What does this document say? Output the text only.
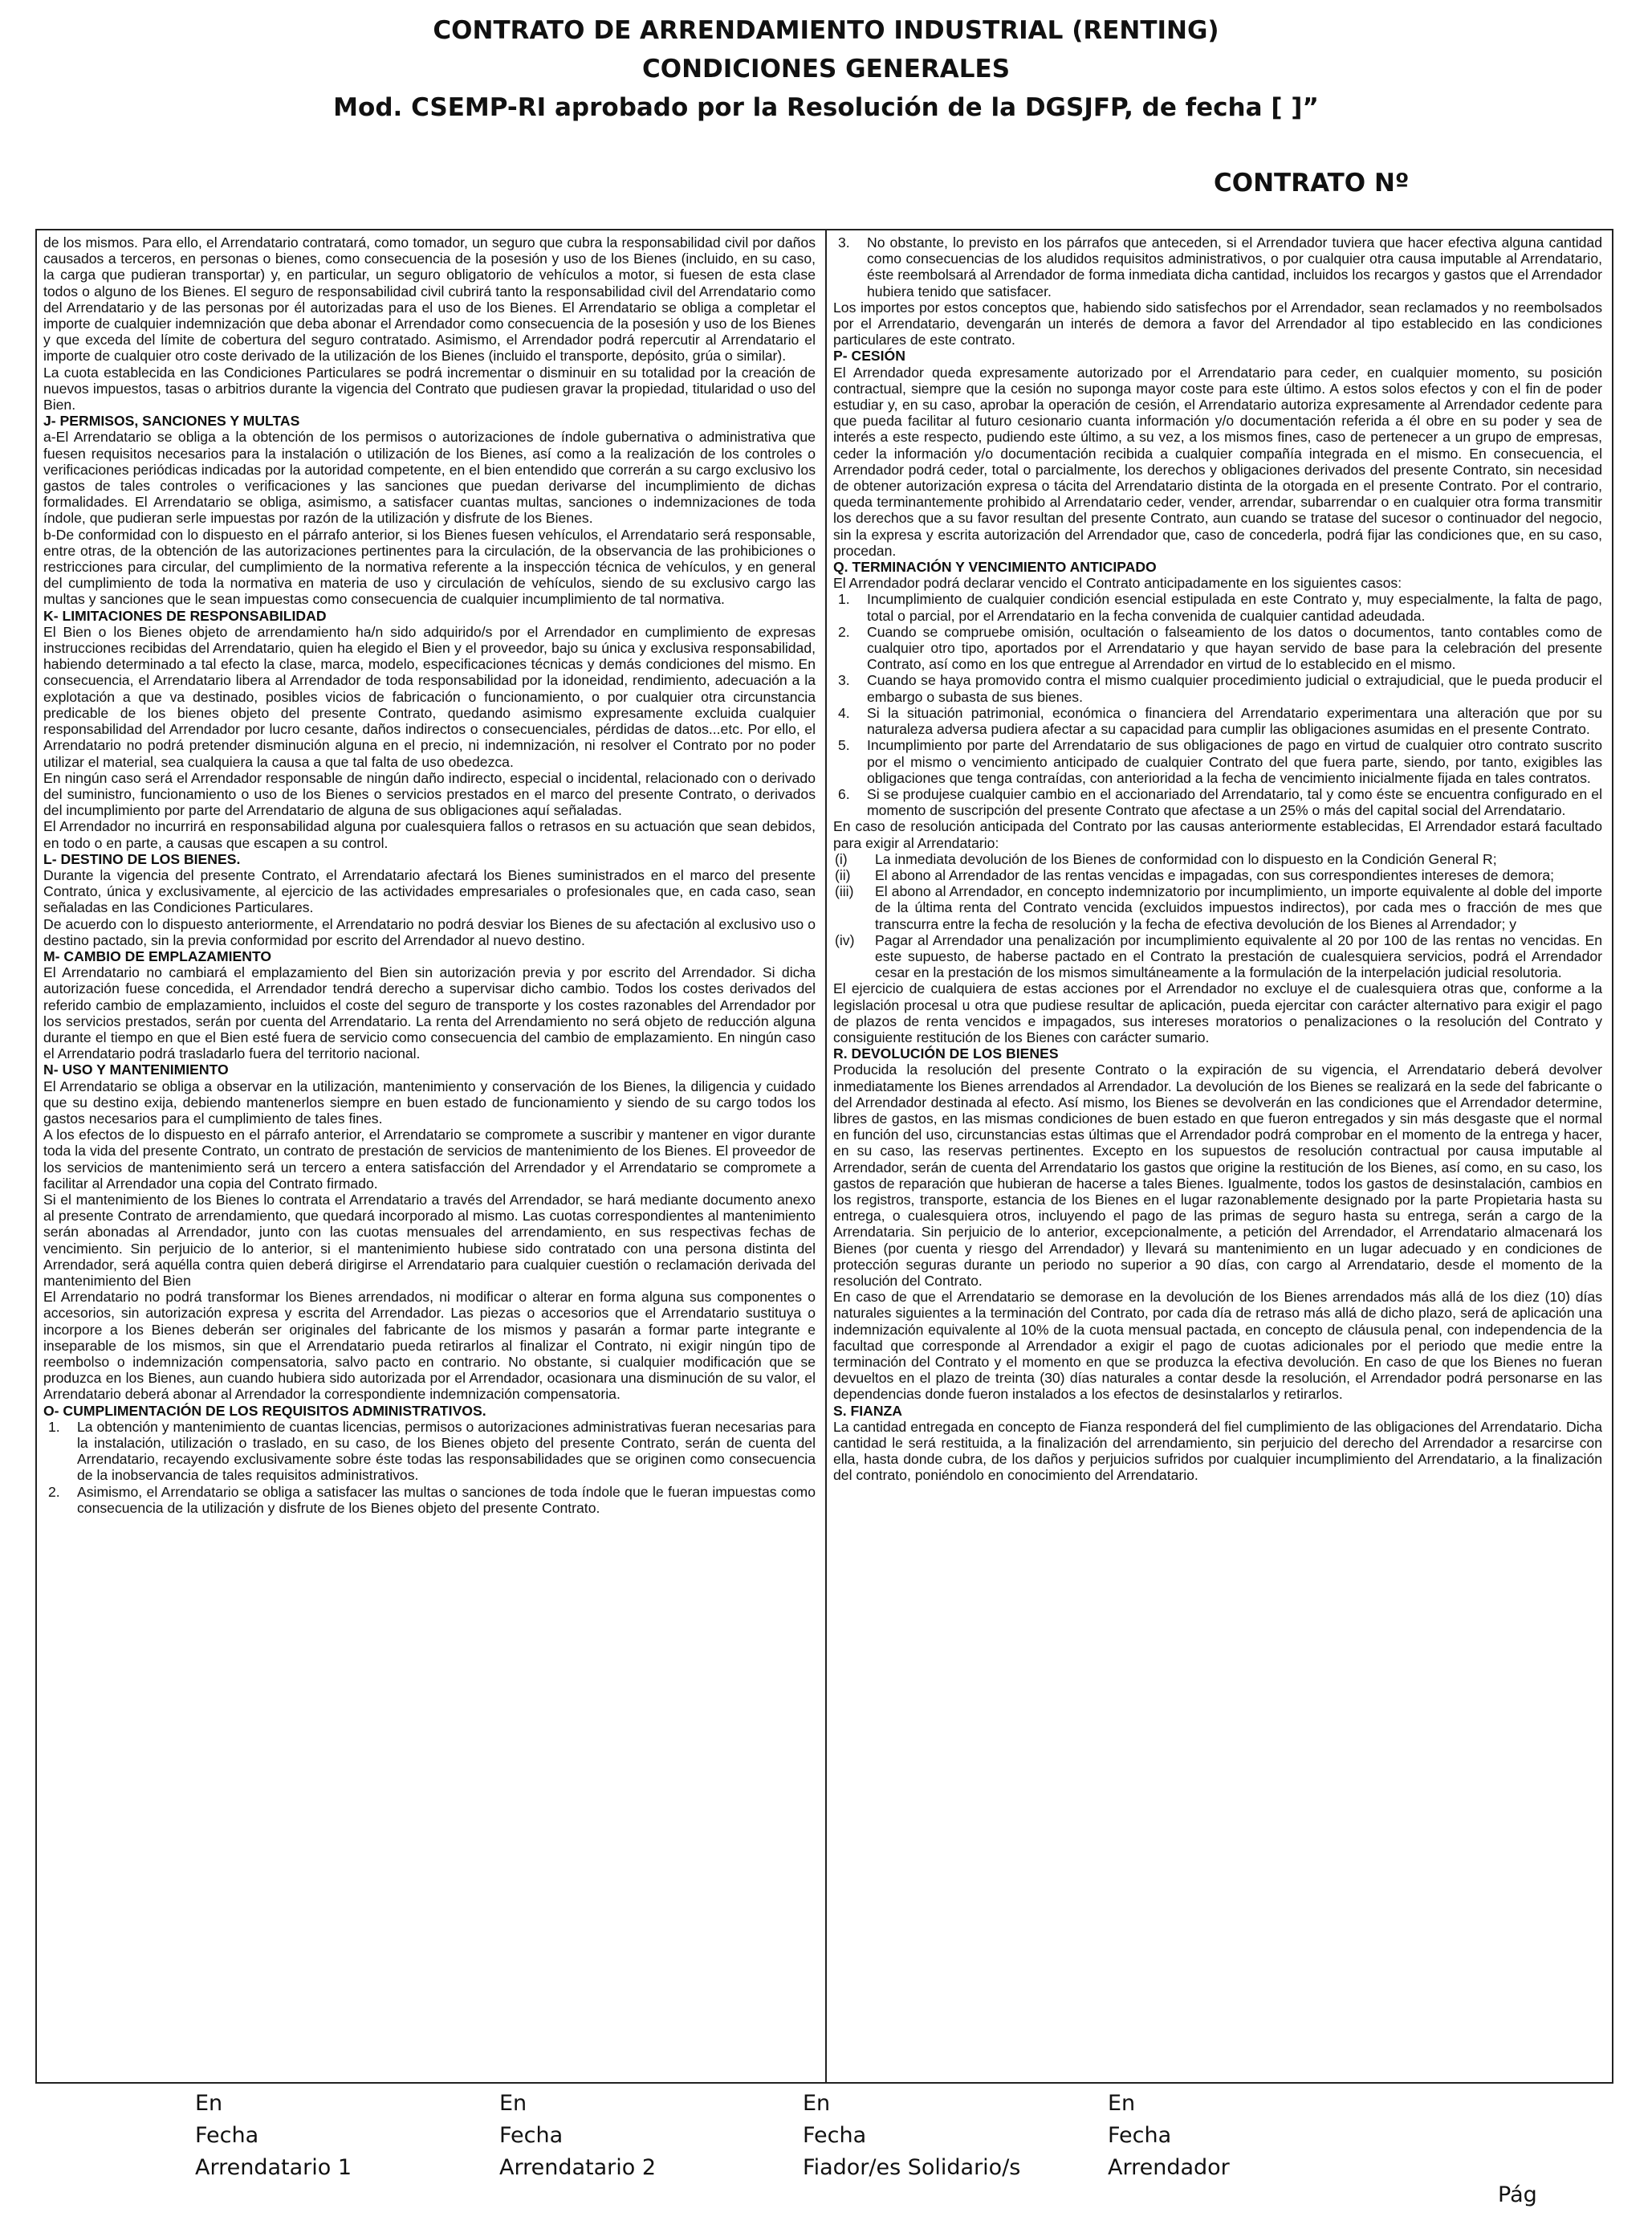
CONTRATO DE ARRENDAMIENTO INDUSTRIAL (RENTING)
CONDICIONES GENERALES
Mod. CSEMP-RI aprobado por la Resolución de la DGSJFP, de fecha [ ]”
CONTRATO Nº

de los mismos. Para ello, el Arrendatario contratará, como tomador, un seguro que cubra la responsabilidad civil por daños causados a terceros, en personas o bienes, como consecuencia de la posesión y uso de los Bienes (incluido, en su caso, la carga que pudieran transportar) y, en particular, un seguro obligatorio de vehículos a motor, si fuesen de esta clase todos o alguno de los Bienes. El seguro de responsabilidad civil cubrirá tanto la responsabilidad civil del Arrendatario como del Arrendatario y de las personas por él autorizadas para el uso de los Bienes. El Arrendatario se obliga a completar el importe de cualquier indemnización que deba abonar el Arrendador como consecuencia de la posesión y uso de los Bienes y que exceda del límite de cobertura del seguro contratado. Asimismo, el Arrendador podrá repercutir al Arrendatario el importe de cualquier otro coste derivado de la utilización de los Bienes (incluido el transporte, depósito, grúa o similar).

La cuota establecida en las Condiciones Particulares se podrá incrementar o disminuir en su totalidad por la creación de nuevos impuestos, tasas o arbitrios durante la vigencia del Contrato que pudiesen gravar la propiedad, titularidad o uso del Bien.

J- PERMISOS, SANCIONES Y MULTAS

a-El Arrendatario se obliga a la obtención de los permisos o autorizaciones de índole gubernativa o administrativa que fuesen requisitos necesarios para la instalación o utilización de los Bienes, así como a la realización de los controles o verificaciones periódicas indicadas por la autoridad competente, en el bien entendido que correrán a su cargo exclusivo los gastos de tales controles o verificaciones y las sanciones que puedan derivarse del incumplimiento de dichas formalidades. El Arrendatario se obliga, asimismo, a satisfacer cuantas multas, sanciones o indemnizaciones de toda índole, que pudieran serle impuestas por razón de la utilización y disfrute de los Bienes.

b-De conformidad con lo dispuesto en el párrafo anterior, si los Bienes fuesen vehículos, el Arrendatario será responsable, entre otras, de la obtención de las autorizaciones pertinentes para la circulación, de la observancia de las prohibiciones o restricciones para circular, del cumplimiento de la normativa referente a la inspección técnica de vehículos, y en general del cumplimiento de toda la normativa en materia de uso y circulación de vehículos, siendo de su exclusivo cargo las multas y sanciones que le sean impuestas como consecuencia de cualquier incumplimiento de tal normativa.

K- LIMITACIONES DE RESPONSABILIDAD

El Bien o los Bienes objeto de arrendamiento ha/n sido adquirido/s por el Arrendador en cumplimiento de expresas instrucciones recibidas del Arrendatario, quien ha elegido el Bien y el proveedor, bajo su única y exclusiva responsabilidad, habiendo determinado a tal efecto la clase, marca, modelo, especificaciones técnicas y demás condiciones del mismo. En consecuencia, el Arrendatario libera al Arrendador de toda responsabilidad por la idoneidad, rendimiento, adecuación a la explotación a que va destinado, posibles vicios de fabricación o funcionamiento, o por cualquier otra circunstancia predicable de los bienes objeto del presente Contrato, quedando asimismo expresamente excluida cualquier responsabilidad del Arrendador por lucro cesante, daños indirectos o consecuenciales, pérdidas de datos...etc. Por ello, el Arrendatario no podrá pretender disminución alguna en el precio, ni indemnización, ni resolver el Contrato por no poder utilizar el material, sea cualquiera la causa a que tal falta de uso obedezca.

En ningún caso será el Arrendador responsable de ningún daño indirecto, especial o incidental, relacionado con o derivado del suministro, funcionamiento o uso de los Bienes o servicios prestados en el marco del presente Contrato, o derivados del incumplimiento por parte del Arrendatario de alguna de sus obligaciones aquí señaladas.

El Arrendador no incurrirá en responsabilidad alguna por cualesquiera fallos o retrasos en su actuación que sean debidos, en todo o en parte, a causas que escapen a su control.

L- DESTINO DE LOS BIENES.

Durante la vigencia del presente Contrato, el Arrendatario afectará los Bienes suministrados en el marco del presente Contrato, única y exclusivamente, al ejercicio de las actividades empresariales o profesionales que, en cada caso, sean señaladas en las Condiciones Particulares.

De acuerdo con lo dispuesto anteriormente, el Arrendatario no podrá desviar los Bienes de su afectación al exclusivo uso o destino pactado, sin la previa conformidad por escrito del Arrendador al nuevo destino.

M- CAMBIO DE EMPLAZAMIENTO

El Arrendatario no cambiará el emplazamiento del Bien sin autorización previa y por escrito del Arrendador. Si dicha autorización fuese concedida, el Arrendador tendrá derecho a supervisar dicho cambio. Todos los costes derivados del referido cambio de emplazamiento, incluidos el coste del seguro de transporte y los costes razonables del Arrendador por los servicios prestados, serán por cuenta del Arrendatario. La renta del Arrendamiento no será objeto de reducción alguna durante el tiempo en que el Bien esté fuera de servicio como consecuencia del cambio de emplazamiento. En ningún caso el Arrendatario podrá trasladarlo fuera del territorio nacional.

N- USO Y MANTENIMIENTO

El Arrendatario se obliga a observar en la utilización, mantenimiento y conservación de los Bienes, la diligencia y cuidado que su destino exija, debiendo mantenerlos siempre en buen estado de funcionamiento y siendo de su cargo todos los gastos necesarios para el cumplimiento de tales fines.

A los efectos de lo dispuesto en el párrafo anterior, el Arrendatario se compromete a suscribir y mantener en vigor durante toda la vida del presente Contrato, un contrato de prestación de servicios de mantenimiento de los Bienes. El proveedor de los servicios de mantenimiento será un tercero a entera satisfacción del Arrendador y el Arrendatario se compromete a facilitar al Arrendador una copia del Contrato firmado.

Si el mantenimiento de los Bienes lo contrata el Arrendatario a través del Arrendador, se hará mediante documento anexo al presente Contrato de arrendamiento, que quedará incorporado al mismo. Las cuotas correspondientes al mantenimiento serán abonadas al Arrendador, junto con las cuotas mensuales del arrendamiento, en sus respectivas fechas de vencimiento. Sin perjuicio de lo anterior, si el mantenimiento hubiese sido contratado con una persona distinta del Arrendador, será aquélla contra quien deberá dirigirse el Arrendatario para cualquier cuestión o reclamación derivada del mantenimiento del Bien

El Arrendatario no podrá transformar los Bienes arrendados, ni modificar o alterar en forma alguna sus componentes o accesorios, sin autorización expresa y escrita del Arrendador. Las piezas o accesorios que el Arrendatario sustituya o incorpore a los Bienes deberán ser originales del fabricante de los mismos y pasarán a formar parte integrante e inseparable de los mismos, sin que el Arrendatario pueda retirarlos al finalizar el Contrato, ni exigir ningún tipo de reembolso o indemnización compensatoria, salvo pacto en contrario. No obstante, si cualquier modificación que se produzca en los Bienes, aun cuando hubiera sido autorizada por el Arrendador, ocasionara una disminución de su valor, el Arrendatario deberá abonar al Arrendador la correspondiente indemnización compensatoria.

O- CUMPLIMENTACIÓN DE LOS REQUISITOS ADMINISTRATIVOS.

1.	La obtención y mantenimiento de cuantas licencias, permisos o autorizaciones administrativas fueran necesarias para la instalación, utilización o traslado, en su caso, de los Bienes objeto del presente Contrato, serán de cuenta del Arrendatario, recayendo exclusivamente sobre éste todas las responsabilidades que se originen como consecuencia de la inobservancia de tales requisitos administrativos.
2.	Asimismo, el Arrendatario se obliga a satisfacer las multas o sanciones de toda índole que le fueran impuestas como consecuencia de la utilización y disfrute de los Bienes objeto del presente Contrato.
3.	No obstante, lo previsto en los párrafos que anteceden, si el Arrendador tuviera que hacer efectiva alguna cantidad como consecuencias de los aludidos requisitos administrativos, o por cualquier otra causa imputable al Arrendatario, éste reembolsará al Arrendador de forma inmediata dicha cantidad, incluidos los recargos y gastos que el Arrendador hubiera tenido que satisfacer.

Los importes por estos conceptos que, habiendo sido satisfechos por el Arrendador, sean reclamados y no reembolsados por el Arrendatario, devengarán un interés de demora a favor del Arrendador al tipo establecido en las condiciones particulares de este contrato.

P- CESIÓN

El Arrendador queda expresamente autorizado por el Arrendatario para ceder, en cualquier momento, su posición contractual, siempre que la cesión no suponga mayor coste para este último. A estos solos efectos y con el fin de poder estudiar y, en su caso, aprobar la operación de cesión, el Arrendatario autoriza expresamente al Arrendador cedente para que pueda facilitar al futuro cesionario cuanta información y/o documentación referida a él obre en su poder y sea de interés a este respecto, pudiendo este último, a su vez, a los mismos fines, caso de pertenecer a un grupo de empresas, ceder la información y/o documentación recibida a cualquier compañía integrada en el mismo. En consecuencia, el Arrendador podrá ceder, total o parcialmente, los derechos y obligaciones derivados del presente Contrato, sin necesidad de obtener autorización expresa o tácita del Arrendatario distinta de la otorgada en el presente Contrato. Por el contrario, queda terminantemente prohibido al Arrendatario ceder, vender, arrendar, subarrendar o en cualquier otra forma transmitir los derechos que a su favor resultan del presente Contrato, aun cuando se tratase del sucesor o continuador del negocio, sin la expresa y escrita autorización del Arrendador que, caso de concederla, podrá fijar las condiciones que, en su caso, procedan.

Q. TERMINACIÓN Y VENCIMIENTO ANTICIPADO

El Arrendador podrá declarar vencido el Contrato anticipadamente en los siguientes casos:

1.	Incumplimiento de cualquier condición esencial estipulada en este Contrato y, muy especialmente, la falta de pago, total o parcial, por el Arrendatario en la fecha convenida de cualquier cantidad adeudada.
2.	Cuando se compruebe omisión, ocultación o falseamiento de los datos o documentos, tanto contables como de cualquier otro tipo, aportados por el Arrendatario y que hayan servido de base para la celebración del presente Contrato, así como en los que entregue al Arrendador en virtud de lo establecido en el mismo.
3.	Cuando se haya promovido contra el mismo cualquier procedimiento judicial o extrajudicial, que le pueda producir el embargo o subasta de sus bienes.
4.	Si la situación patrimonial, económica o financiera del Arrendatario experimentara una alteración que por su naturaleza adversa pudiera afectar a su capacidad para cumplir las obligaciones asumidas en el presente Contrato.
5.	Incumplimiento por parte del Arrendatario de sus obligaciones de pago en virtud de cualquier otro contrato suscrito por el mismo o vencimiento anticipado de cualquier Contrato del que fuera parte, siendo, por tanto, exigibles las obligaciones que tenga contraídas, con anterioridad a la fecha de vencimiento inicialmente fijada en tales contratos.
6.	Si se produjese cualquier cambio en el accionariado del Arrendatario, tal y como éste se encuentra configurado en el momento de suscripción del presente Contrato que afectase a un 25% o más del capital social del Arrendatario.

En caso de resolución anticipada del Contrato por las causas anteriormente establecidas, El Arrendador estará facultado para exigir al Arrendatario:

(i)	La inmediata devolución de los Bienes de conformidad con lo dispuesto en la Condición General R;
(ii)	El abono al Arrendador de las rentas vencidas e impagadas, con sus correspondientes intereses de demora;
(iii)	El abono al Arrendador, en concepto indemnizatorio por incumplimiento, un importe equivalente al doble del importe de la última renta del Contrato vencida (excluidos impuestos indirectos), por cada mes o fracción de mes que transcurra entre la fecha de resolución y la fecha de efectiva devolución de los Bienes al Arrendador; y
(iv)	Pagar al Arrendador una penalización por incumplimiento equivalente al 20 por 100 de las rentas no vencidas. En este supuesto, de haberse pactado en el Contrato la prestación de cualesquiera servicios, podrá el Arrendador cesar en la prestación de los mismos simultáneamente a la formulación de la interpelación judicial resolutoria.

El ejercicio de cualquiera de estas acciones por el Arrendador no excluye el de cualesquiera otras que, conforme a la legislación procesal u otra que pudiese resultar de aplicación, pueda ejercitar con carácter alternativo para exigir el pago de plazos de renta vencidos e impagados, sus intereses moratorios o penalizaciones o la resolución del Contrato y consiguiente restitución de los Bienes con carácter sumario.

R. DEVOLUCIÓN DE LOS BIENES

Producida la resolución del presente Contrato o la expiración de su vigencia, el Arrendatario deberá devolver inmediatamente los Bienes arrendados al Arrendador. La devolución de los Bienes se realizará en la sede del fabricante o del Arrendador destinada al efecto. Así mismo, los Bienes se devolverán en las condiciones que el Arrendador determine, libres de gastos, en las mismas condiciones de buen estado en que fueron entregados y sin más desgaste que el normal en función del uso, circunstancias estas últimas que el Arrendador podrá comprobar en el momento de la entrega y hacer, en su caso, las reservas pertinentes. Excepto en los supuestos de resolución contractual por causa imputable al Arrendador, serán de cuenta del Arrendatario los gastos que origine la restitución de los Bienes, así como, en su caso, los gastos de reparación que hubieran de hacerse a tales Bienes. Igualmente, todos los gastos de desinstalación, cambios en los registros, transporte, estancia de los Bienes en el lugar razonablemente designado por la parte Propietaria hasta su entrega, o cualesquiera otros, incluyendo el pago de las primas de seguro hasta su entrega, serán a cargo de la Arrendataria. Sin perjuicio de lo anterior, excepcionalmente, a petición del Arrendador, el Arrendatario almacenará los Bienes (por cuenta y riesgo del Arrendador) y llevará su mantenimiento en un lugar adecuado y en condiciones de protección seguras durante un periodo no superior a 90 días, con cargo al Arrendatario, desde el momento de la resolución del Contrato.

En caso de que el Arrendatario se demorase en la devolución de los Bienes arrendados más allá de los diez (10) días naturales siguientes a la terminación del Contrato, por cada día de retraso más allá de dicho plazo, será de aplicación una indemnización equivalente al 10% de la cuota mensual pactada, en concepto de cláusula penal, con independencia de la facultad que corresponde al Arrendador a exigir el pago de cuotas adicionales por el periodo que medie entre la terminación del Contrato y el momento en que se produzca la efectiva devolución. En caso de que los Bienes no fueran devueltos en el plazo de treinta (30) días naturales a contar desde la resolución, el Arrendador podrá personarse en las dependencias donde fueron instalados a los efectos de desinstalarlos y retirarlos.

S. FIANZA

La cantidad entregada en concepto de Fianza responderá del fiel cumplimiento de las obligaciones del Arrendatario. Dicha cantidad le será restituida, a la finalización del arrendamiento, sin perjuicio del derecho del Arrendador a resarcirse con ella, hasta donde cubra, de los daños y perjuicios sufridos por cualquier incumplimiento del Arrendatario, a la finalización del contrato, poniéndolo en conocimiento del Arrendatario.

En
Fecha
Arrendatario 1
En
Fecha
Arrendatario 2
En
Fecha
Fiador/es Solidario/s
En
Fecha
Arrendador
Pág
